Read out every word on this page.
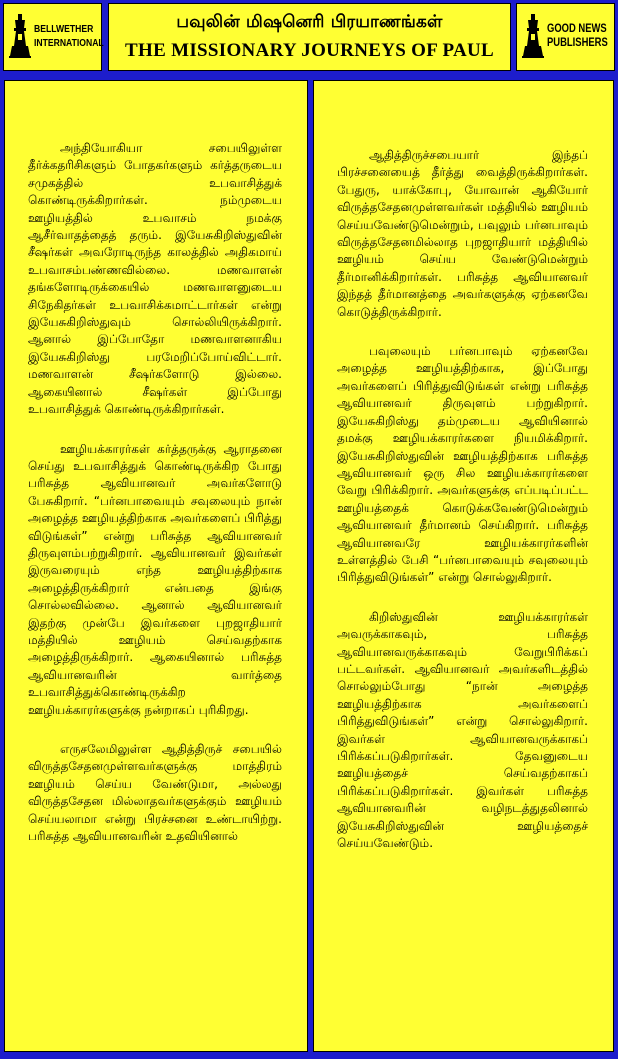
BELLWETHER
INTERNATIONAL
பவுலின் மிஷனெரி பிரயாணங்கள்
THE MISSIONARY JOURNEYS OF PAUL
GOOD NEWS
PUBLISHERS

அந்தியோகியா சபையிலுள்ள தீர்க்கதரிசிகளும் போதகர்களும் கர்த்தருடைய சமுகத்தில் உபவாசித்துக் கொண்டிருக்கிறார்கள். நம்முடைய ஊழியத்தில் உபவாசம் நமக்கு ஆசீர்வாதத்தைத் தரும். இயேசுகிறிஸ்துவின் சீஷர்கள் அவரோடிருந்த காலத்தில் அதிகமாய் உபவாசம்பண்ணவில்லை. மணவாளன் தங்களோடிருக்கையில் மணவாளனுடைய சிநேகிதர்கள் உபவாசிக்கமாட்டார்கள் என்று இயேசுகிறிஸ்துவும் சொல்லியிருக்கிறார். ஆனால் இப்போதோ மணவாளனாகிய இயேசுகிறிஸ்து பரமேறிப்போய்விட்டார். மணவாளன் சீஷர்களோடு இல்லை. ஆகையினால் சீஷர்கள் இப்போது உபவாசித்துக் கொண்டிருக்கிறார்கள்.

ஊழியக்காரர்கள் கர்த்தருக்கு ஆராதனை செய்து உபவாசித்துக் கொண்டிருக்கிற போது பரிசுத்த ஆவியானவர் அவர்களோடு பேசுகிறார். “பர்னபாவையும் சவுலையும் நான் அழைத்த ஊழியத்திற்காக அவர்களைப் பிரித்து விடுங்கள்” என்று பரிசுத்த ஆவியானவர் திருவுளம்பற்றுகிறார். ஆவியானவர் இவர்கள் இருவரையும் எந்த ஊழியத்திற்காக அழைத்திருக்கிறார் என்பதை இங்கு சொல்லவில்லை. ஆனால் ஆவியானவர் இதற்கு முன்பே இவர்களை புறஜாதியார் மத்தியில் ஊழியம் செய்வதற்காக அழைத்திருக்கிறார். ஆகையினால் பரிசுத்த ஆவியானவரின் வார்த்தை உபவாசித்துக்கொண்டிருக்கிற ஊழியக்காரர்களுக்கு நன்றாகப் புரிகிறது.

எருசலேமிலுள்ள ஆதித்திருச் சபையில் விருத்தசேதனமுள்ளவர்களுக்கு மாத்திரம் ஊழியம் செய்ய வேண்டுமா, அல்லது விருத்தசேதன மில்லாதவர்களுக்கும் ஊழியம் செய்யலாமா என்று பிரச்சனை உண்டாயிற்று. பரிசுத்த ஆவியானவரின் உதவியினால்

ஆதித்திருச்சபையார் இந்தப் பிரச்சனையைத் தீர்த்து வைத்திருக்கிறார்கள். பேதுரு, யாக்கோபு, யோவான் ஆகியோர் விருத்தசேதனமுள்ளவர்கள் மத்தியில் ஊழியம் செய்யவேண்டுமென்றும், பவுலும் பர்னபாவும் விருத்தசேதனமில்லாத புறஜாதியார் மத்தியில் ஊழியம் செய்ய வேண்டுமென்றும் தீர்மானிக்கிறார்கள். பரிசுத்த ஆவியானவர் இந்தத் தீர்மானத்தை அவர்களுக்கு ஏற்கனவே கொடுத்திருக்கிறார்.

பவுலையும் பர்னபாவும் ஏற்கனவே அழைத்த ஊழியத்திற்காக, இப்போது அவர்களைப் பிரித்துவிடுங்கள் என்று பரிசுத்த ஆவியானவர் திருவுளம் பற்றுகிறார். இயேசுகிறிஸ்து தம்முடைய ஆவியினால் தமக்கு ஊழியக்காரர்களை நியமிக்கிறார். இயேசுகிறிஸ்துவின் ஊழியத்திற்காக பரிசுத்த ஆவியானவர் ஒரு சில ஊழியக்காரர்களை வேறு பிரிக்கிறார். அவர்களுக்கு எப்படிப்பட்ட ஊழியத்தைக் கொடுக்கவேண்டுமென்றும் ஆவியானவர் தீர்மானம் செய்கிறார். பரிசுத்த ஆவியானவரே ஊழியக்காரர்களின் உள்ளத்தில் பேசி “பர்னபாவையும் சவுலையும் பிரித்துவிடுங்கள்” என்று சொல்லுகிறார்.

கிறிஸ்துவின் ஊழியக்காரர்கள் அவருக்காகவும், பரிசுத்த ஆவியானவருக்காகவும் வேறுபிரிக்கப் பட்டவர்கள். ஆவியானவர் அவர்களிடத்தில் சொல்லும்போது “நான் அழைத்த ஊழியத்திற்காக அவர்களைப் பிரித்துவிடுங்கள்” என்று சொல்லுகிறார். இவர்கள் ஆவியானவருக்காகப் பிரிக்கப்படுகிறார்கள். தேவனுடைய ஊழியத்தைச் செய்வதற்காகப் பிரிக்கப்படுகிறார்கள். இவர்கள் பரிசுத்த ஆவியானவரின் வழிநடத்துதலினால் இயேசுகிறிஸ்துவின் ஊழியத்தைச் செய்யவேண்டும்.
